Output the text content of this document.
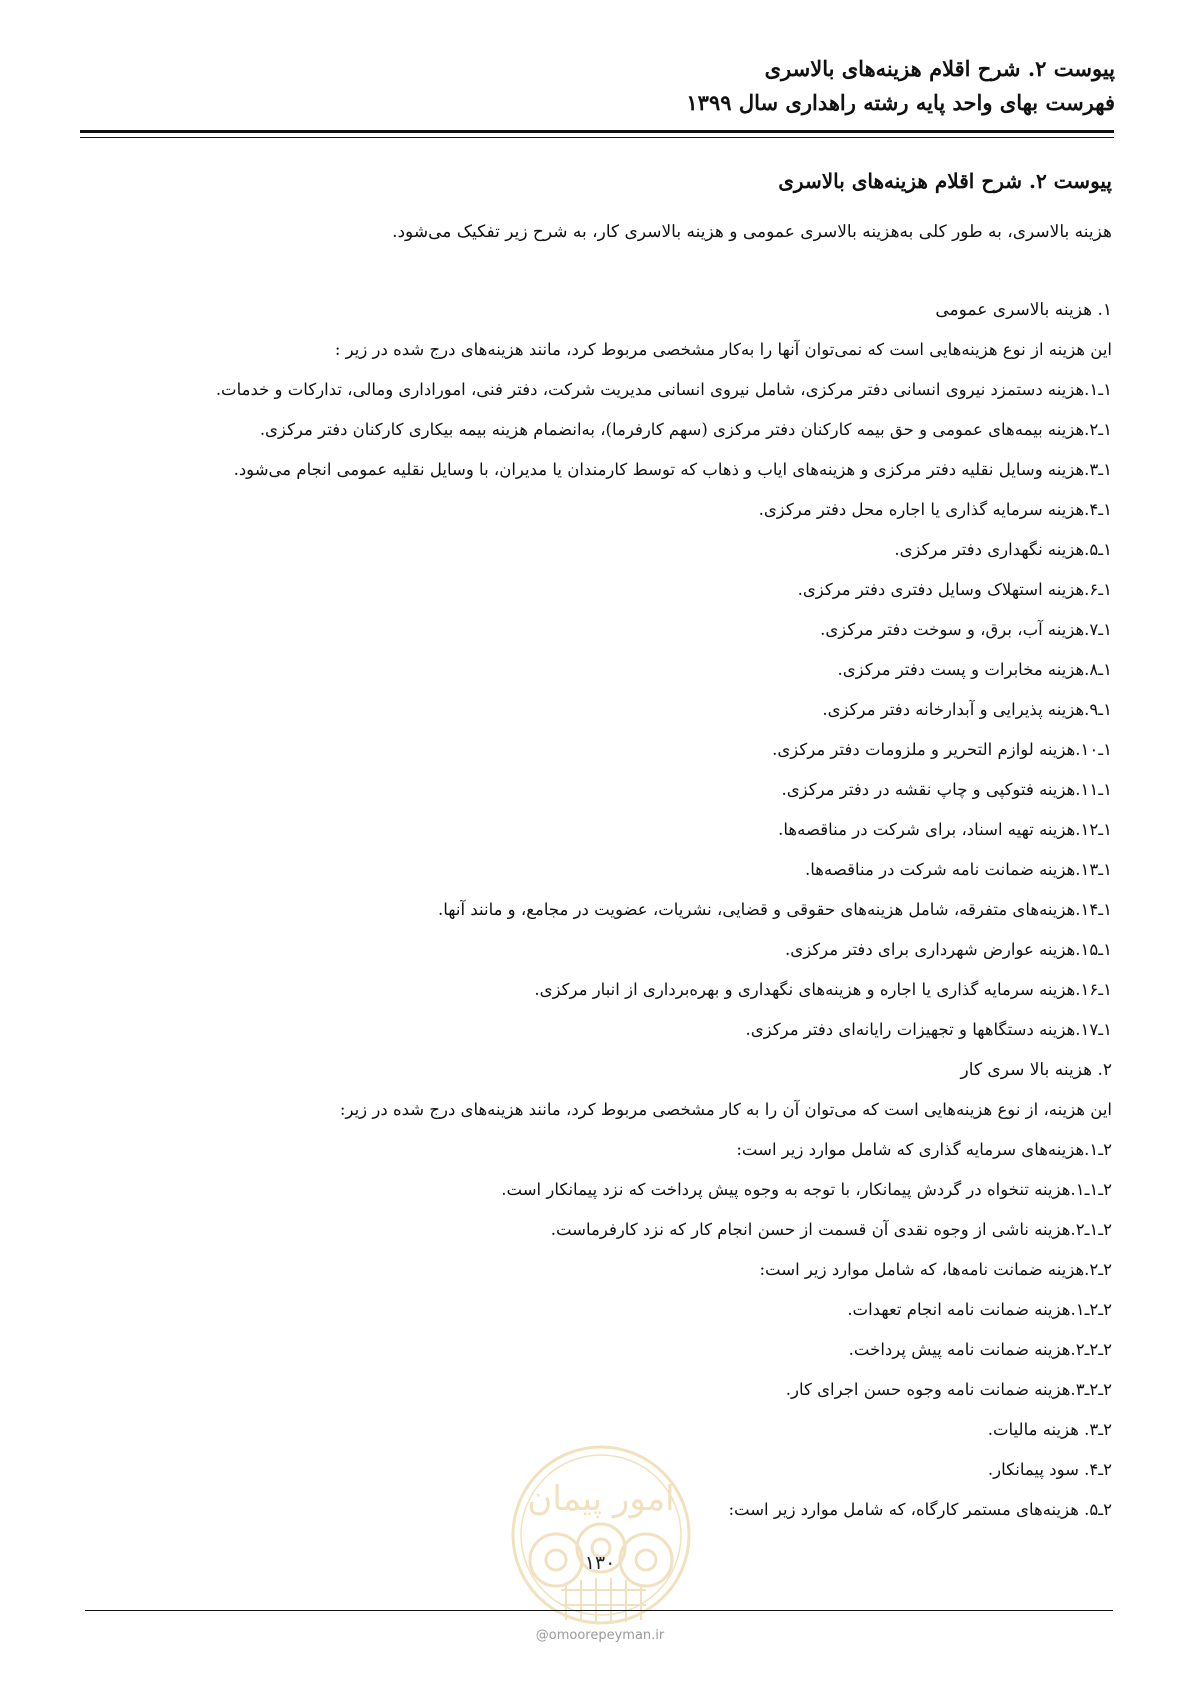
پیوست ۲. شرح اقلام هزینه‌های بالاسری
فهرست بهای واحد پایه رشته راهداری سال ۱۳۹۹
پیوست ۲. شرح اقلام هزینه‌های بالاسری
هزینه بالاسری، به طور کلی به‌هزینه بالاسری عمومی و هزینه بالاسری کار، به شرح زیر تفکیک می‌شود.
۱. هزینه بالاسری عمومی
این هزینه از نوع هزینه‌هایی است که نمی‌توان آنها را به‌کار مشخصی مربوط کرد، مانند هزینه‌های درج شده در زیر :
۱ـ۱.هزینه دستمزد نیروی انسانی دفتر مرکزی، شامل نیروی انسانی مدیریت شرکت، دفتر فنی، اموراداری ومالی، تدارکات و خدمات.
۱ـ۲.هزینه بیمه‌های عمومی و حق بیمه کارکنان دفتر مرکزی (سهم کارفرما)، به‌انضمام هزینه بیمه بیکاری کارکنان دفتر مرکزی.
۱ـ۳.هزینه وسایل نقلیه دفتر مرکزی و هزینه‌های ایاب و ذهاب که توسط کارمندان یا مدیران، با وسایل نقلیه عمومی انجام می‌شود.
۱ـ۴.هزینه سرمایه گذاری یا اجاره محل دفتر مرکزی.
۱ـ۵.هزینه نگهداری دفتر مرکزی.
۱ـ۶.هزینه استهلاک وسایل دفتری دفتر مرکزی.
۱ـ۷.هزینه آب، برق، و سوخت دفتر مرکزی.
۱ـ۸.هزینه مخابرات و پست دفتر مرکزی.
۱ـ۹.هزینه پذیرایی و آبدارخانه دفتر مرکزی.
۱ـ۱۰.هزینه لوازم التحریر و ملزومات دفتر مرکزی.
۱ـ۱۱.هزینه فتوکپی و چاپ نقشه در دفتر مرکزی.
۱ـ۱۲.هزینه تهیه اسناد، برای شرکت در مناقصه‌ها.
۱ـ۱۳.هزینه ضمانت نامه شرکت در مناقصه‌ها.
۱ـ۱۴.هزینه‌های متفرقه، شامل هزینه‌های حقوقی و قضایی، نشریات، عضویت در مجامع، و مانند آنها.
۱ـ۱۵.هزینه عوارض شهرداری برای دفتر مرکزی.
۱ـ۱۶.هزینه سرمایه گذاری یا اجاره و هزینه‌های نگهداری و بهره‌برداری از انبار مرکزی.
۱ـ۱۷.هزینه دستگاهها و تجهیزات رایانه‌ای دفتر مرکزی.
۲. هزینه بالا سری کار
این هزینه، از نوع هزینه‌هایی است که می‌توان آن را به کار مشخصی مربوط کرد، مانند هزینه‌های درج شده در زیر:
۲ـ۱.هزینه‌های سرمایه گذاری که شامل موارد زیر است:
۲ـ۱ـ۱.هزینه تنخواه در گردش پیمانکار، با توجه به وجوه پیش پرداخت که نزد پیمانکار است.
۲ـ۱ـ۲.هزینه ناشی از وجوه نقدی آن قسمت از حسن انجام کار که نزد کارفرماست.
۲ـ۲.هزینه ضمانت نامه‌ها، که شامل موارد زیر است:
۲ـ۲ـ۱.هزینه ضمانت نامه انجام تعهدات.
۲ـ۲ـ۲.هزینه ضمانت نامه پیش پرداخت.
۲ـ۲ـ۳.هزینه ضمانت نامه وجوه حسن اجرای کار.
۲ـ۳. هزینه مالیات.
۲ـ۴. سود پیمانکار.
۲ـ۵. هزینه‌های مستمر کارگاه، که شامل موارد زیر است:
امور پیمان
۱۳۰
@omoorepeyman.ir
